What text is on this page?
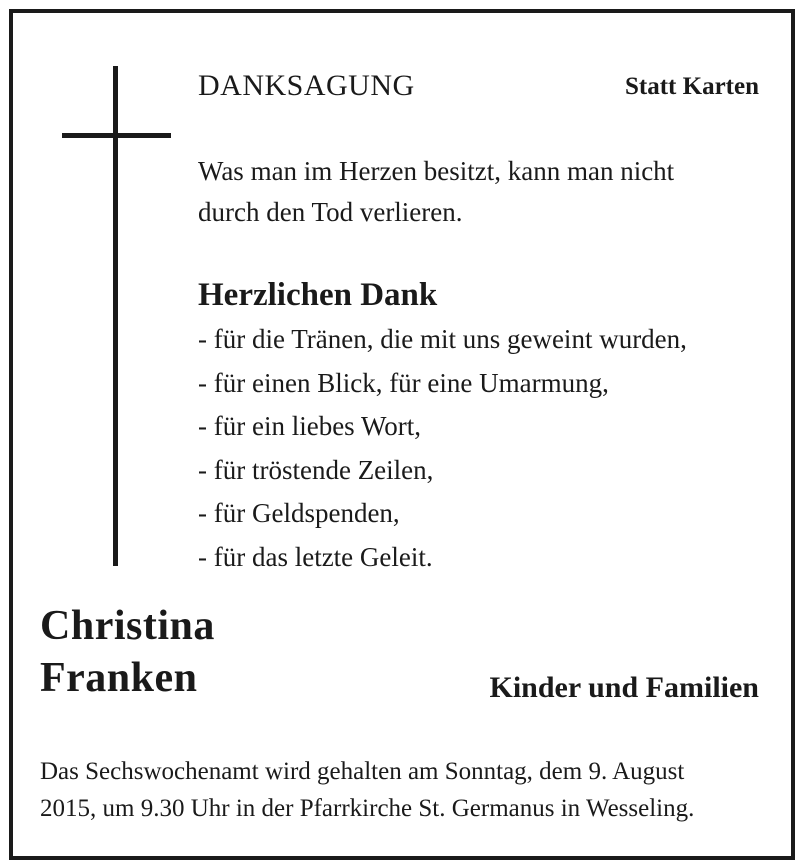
DANKSAGUNG	Statt Karten
Was man im Herzen besitzt, kann man nicht
durch den Tod verlieren.
Herzlichen Dank
- für die Tränen, die mit uns geweint wurden,
- für einen Blick, für eine Umarmung,
- für ein liebes Wort,
- für tröstende Zeilen,
- für Geldspenden,
- für das letzte Geleit.
Christina
Franken	Kinder und Familien
Das Sechswochenamt wird gehalten am Sonntag, dem 9. August
2015, um 9.30 Uhr in der Pfarrkirche St. Germanus in Wesseling.
